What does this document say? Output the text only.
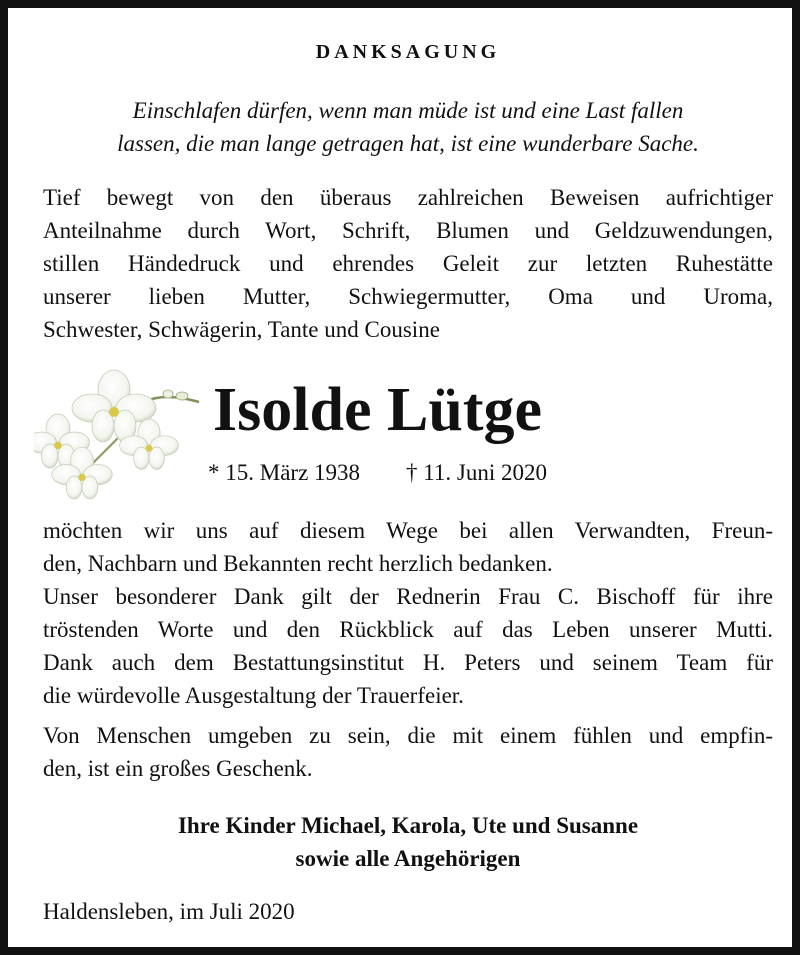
DANKSAGUNG
Einschlafen dürfen, wenn man müde ist und eine Last fallen
lassen, die man lange getragen hat, ist eine wunderbare Sache.
Tief bewegt von den überaus zahlreichen Beweisen aufrichtiger
Anteilnahme durch Wort, Schrift, Blumen und Geldzuwendungen,
stillen Händedruck und ehrendes Geleit zur letzten Ruhestätte
unserer lieben Mutter, Schwiegermutter, Oma und Uroma,
Schwester, Schwägerin, Tante und Cousine
Isolde Lütge
* 15. März 1938 † 11. Juni 2020
möchten wir uns auf diesem Wege bei allen Verwandten, Freun-
den, Nachbarn und Bekannten recht herzlich bedanken.
Unser besonderer Dank gilt der Rednerin Frau C. Bischoff für ihre
tröstenden Worte und den Rückblick auf das Leben unserer Mutti.
Dank auch dem Bestattungsinstitut H. Peters und seinem Team für
die würdevolle Ausgestaltung der Trauerfeier.
Von Menschen umgeben zu sein, die mit einem fühlen und empfin-
den, ist ein großes Geschenk.
Ihre Kinder Michael, Karola, Ute und Susanne
sowie alle Angehörigen
Haldensleben, im Juli 2020
